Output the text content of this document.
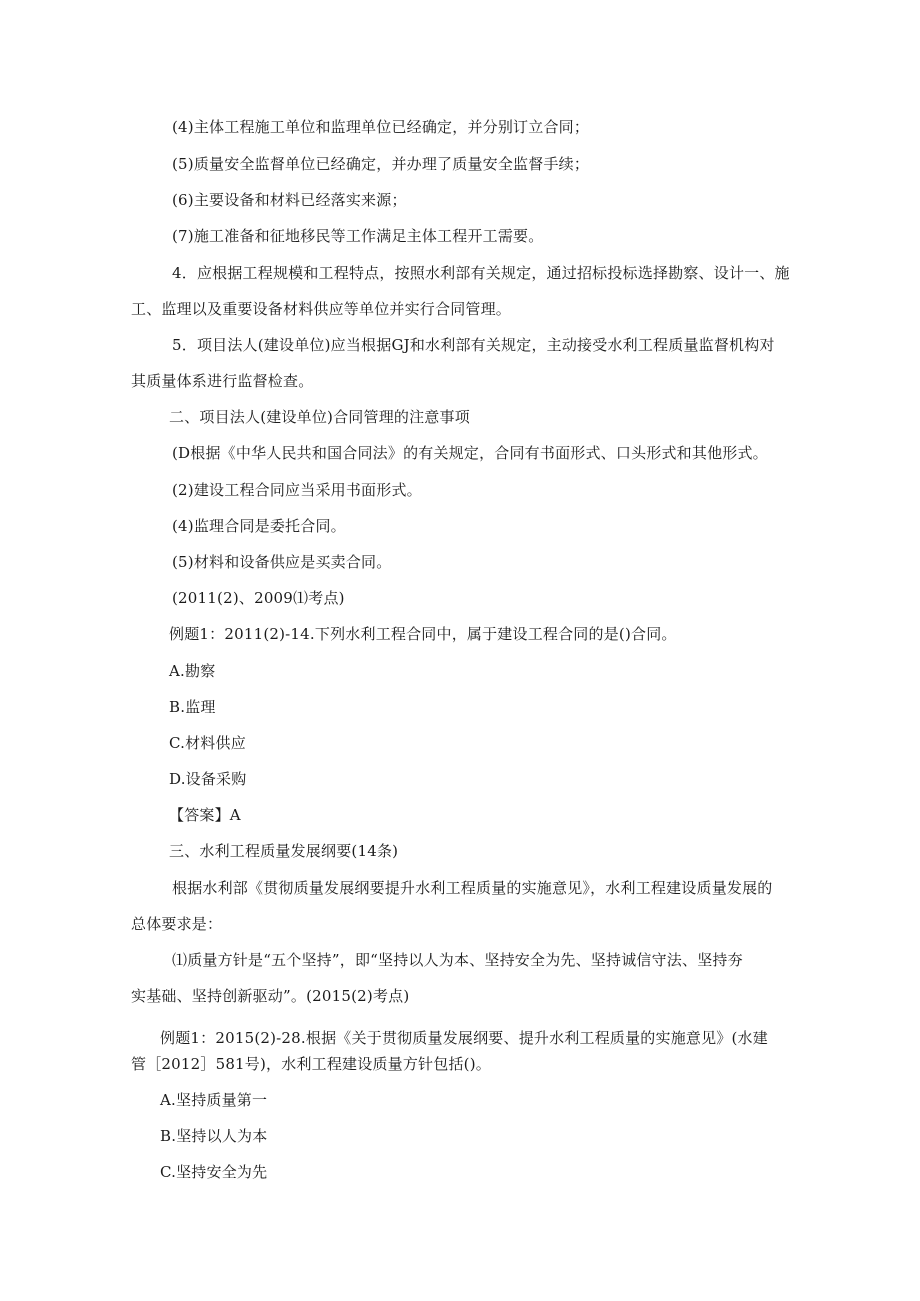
(4)主体工程施工单位和监理单位已经确定，并分别订立合同；
(5)质量安全监督单位已经确定，并办理了质量安全监督手续；
(6)主要设备和材料已经落实来源；
(7)施工准备和征地移民等工作满足主体工程开工需要。
4．应根据工程规模和工程特点，按照水利部有关规定，通过招标投标选择勘察、设计一、施
工、监理以及重要设备材料供应等单位并实行合同管理。
5．项目法人(建设单位)应当根据GJ和水利部有关规定，主动接受水利工程质量监督机构对
其质量体系进行监督检查。
二、项目法人(建设单位)合同管理的注意事项
(D根据《中华人民共和国合同法》的有关规定，合同有书面形式、口头形式和其他形式。
(2)建设工程合同应当采用书面形式。
(4)监理合同是委托合同。
(5)材料和设备供应是买卖合同。
(2011(2)、2009⑴考点)
例题1：2011(2)-14.下列水利工程合同中，属于建设工程合同的是()合同。
A.勘察
B.监理
C.材料供应
D.设备采购
【答案】A
三、水利工程质量发展纲要(14条)
根据水利部《贯彻质量发展纲要提升水利工程质量的实施意见》，水利工程建设质量发展的
总体要求是：
⑴质量方针是“五个坚持”，即“坚持以人为本、坚持安全为先、坚持诚信守法、坚持夯
实基础、坚持创新驱动”。(2015(2)考点)
例题1：2015(2)-28.根据《关于贯彻质量发展纲要、提升水利工程质量的实施意见》(水建
管［2012］581号)，水利工程建设质量方针包括()。
A.坚持质量第一
B.坚持以人为本
C.坚持安全为先
